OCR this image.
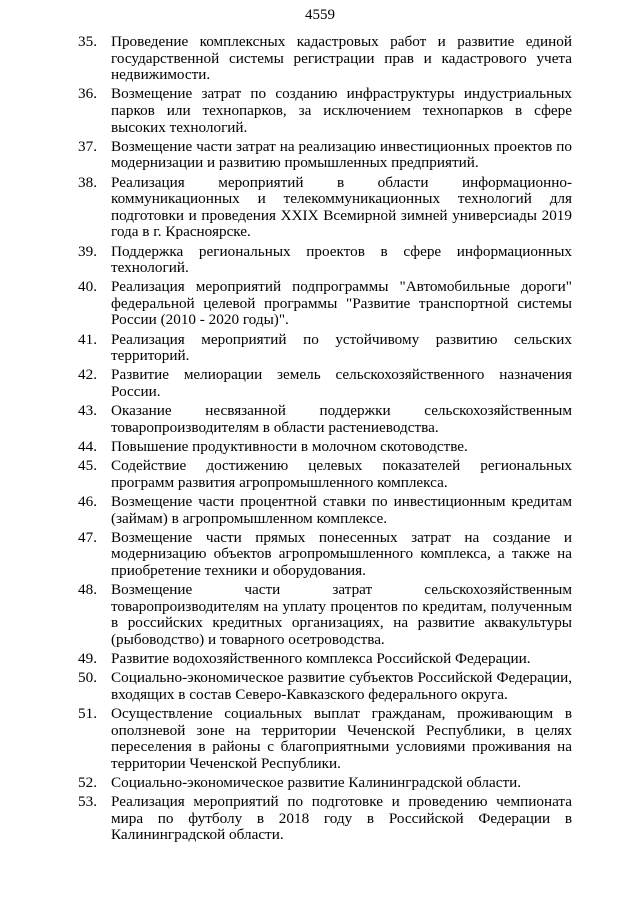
4559
35. Проведение комплексных кадастровых работ и развитие единой государственной системы регистрации прав и кадастрового учета недвижимости.
36. Возмещение затрат по созданию инфраструктуры индустриальных парков или технопарков, за исключением технопарков в сфере высоких технологий.
37. Возмещение части затрат на реализацию инвестиционных проектов по модернизации и развитию промышленных предприятий.
38. Реализация мероприятий в области информационно-коммуникационных и телекоммуникационных технологий для подготовки и проведения XXIX Всемирной зимней универсиады 2019 года в г. Красноярске.
39. Поддержка региональных проектов в сфере информационных технологий.
40. Реализация мероприятий подпрограммы "Автомобильные дороги" федеральной целевой программы "Развитие транспортной системы России (2010 - 2020 годы)".
41. Реализация мероприятий по устойчивому развитию сельских территорий.
42. Развитие мелиорации земель сельскохозяйственного назначения России.
43. Оказание несвязанной поддержки сельскохозяйственным товаропроизводителям в области растениеводства.
44. Повышение продуктивности в молочном скотоводстве.
45. Содействие достижению целевых показателей региональных программ развития агропромышленного комплекса.
46. Возмещение части процентной ставки по инвестиционным кредитам (займам) в агропромышленном комплексе.
47. Возмещение части прямых понесенных затрат на создание и модернизацию объектов агропромышленного комплекса, а также на приобретение техники и оборудования.
48. Возмещение части затрат сельскохозяйственным товаропроизводителям на уплату процентов по кредитам, полученным в российских кредитных организациях, на развитие аквакультуры (рыбоводство) и товарного осетроводства.
49. Развитие водохозяйственного комплекса Российской Федерации.
50. Социально-экономическое развитие субъектов Российской Федерации, входящих в состав Северо-Кавказского федерального округа.
51. Осуществление социальных выплат гражданам, проживающим в оползневой зоне на территории Чеченской Республики, в целях переселения в районы с благоприятными условиями проживания на территории Чеченской Республики.
52. Социально-экономическое развитие Калининградской области.
53. Реализация мероприятий по подготовке и проведению чемпионата мира по футболу в 2018 году в Российской Федерации в Калининградской области.
